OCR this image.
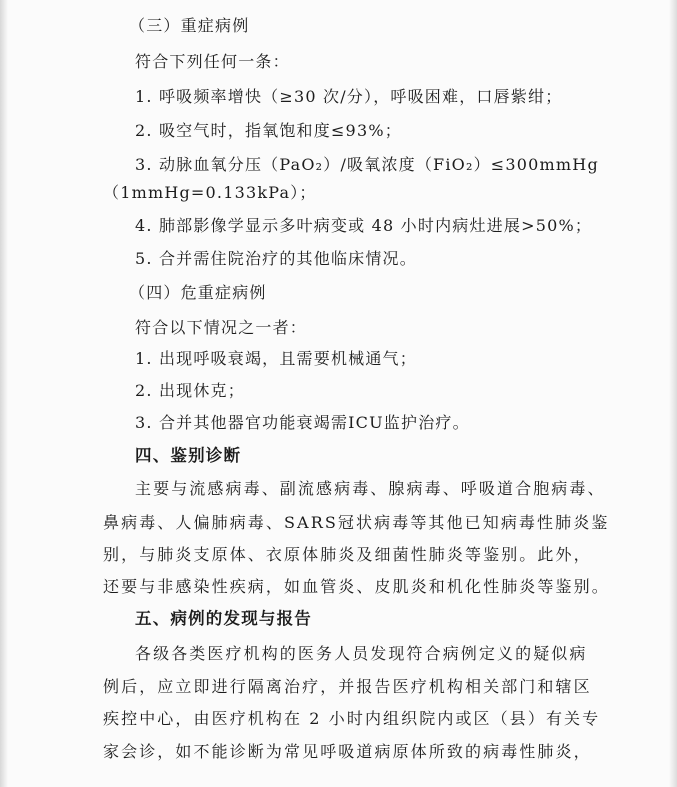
（三）重症病例
符合下列任何一条：
1. 呼吸频率增快（≥30 次/分），呼吸困难，口唇紫绀；
2. 吸空气时，指氧饱和度≤93%；
3. 动脉血氧分压（PaO₂）/吸氧浓度（FiO₂）≤300mmHg
（1mmHg=0.133kPa）；
4. 肺部影像学显示多叶病变或 48 小时内病灶进展>50%；
5. 合并需住院治疗的其他临床情况。
（四）危重症病例
符合以下情况之一者：
1. 出现呼吸衰竭，且需要机械通气；
2. 出现休克；
3. 合并其他器官功能衰竭需ICU监护治疗。
四、鉴别诊断
主要与流感病毒、副流感病毒、腺病毒、呼吸道合胞病毒、
鼻病毒、人偏肺病毒、SARS冠状病毒等其他已知病毒性肺炎鉴
别，与肺炎支原体、衣原体肺炎及细菌性肺炎等鉴别。此外，
还要与非感染性疾病，如血管炎、皮肌炎和机化性肺炎等鉴别。
五、病例的发现与报告
各级各类医疗机构的医务人员发现符合病例定义的疑似病
例后，应立即进行隔离治疗，并报告医疗机构相关部门和辖区
疾控中心，由医疗机构在 2 小时内组织院内或区（县）有关专
家会诊，如不能诊断为常见呼吸道病原体所致的病毒性肺炎，
